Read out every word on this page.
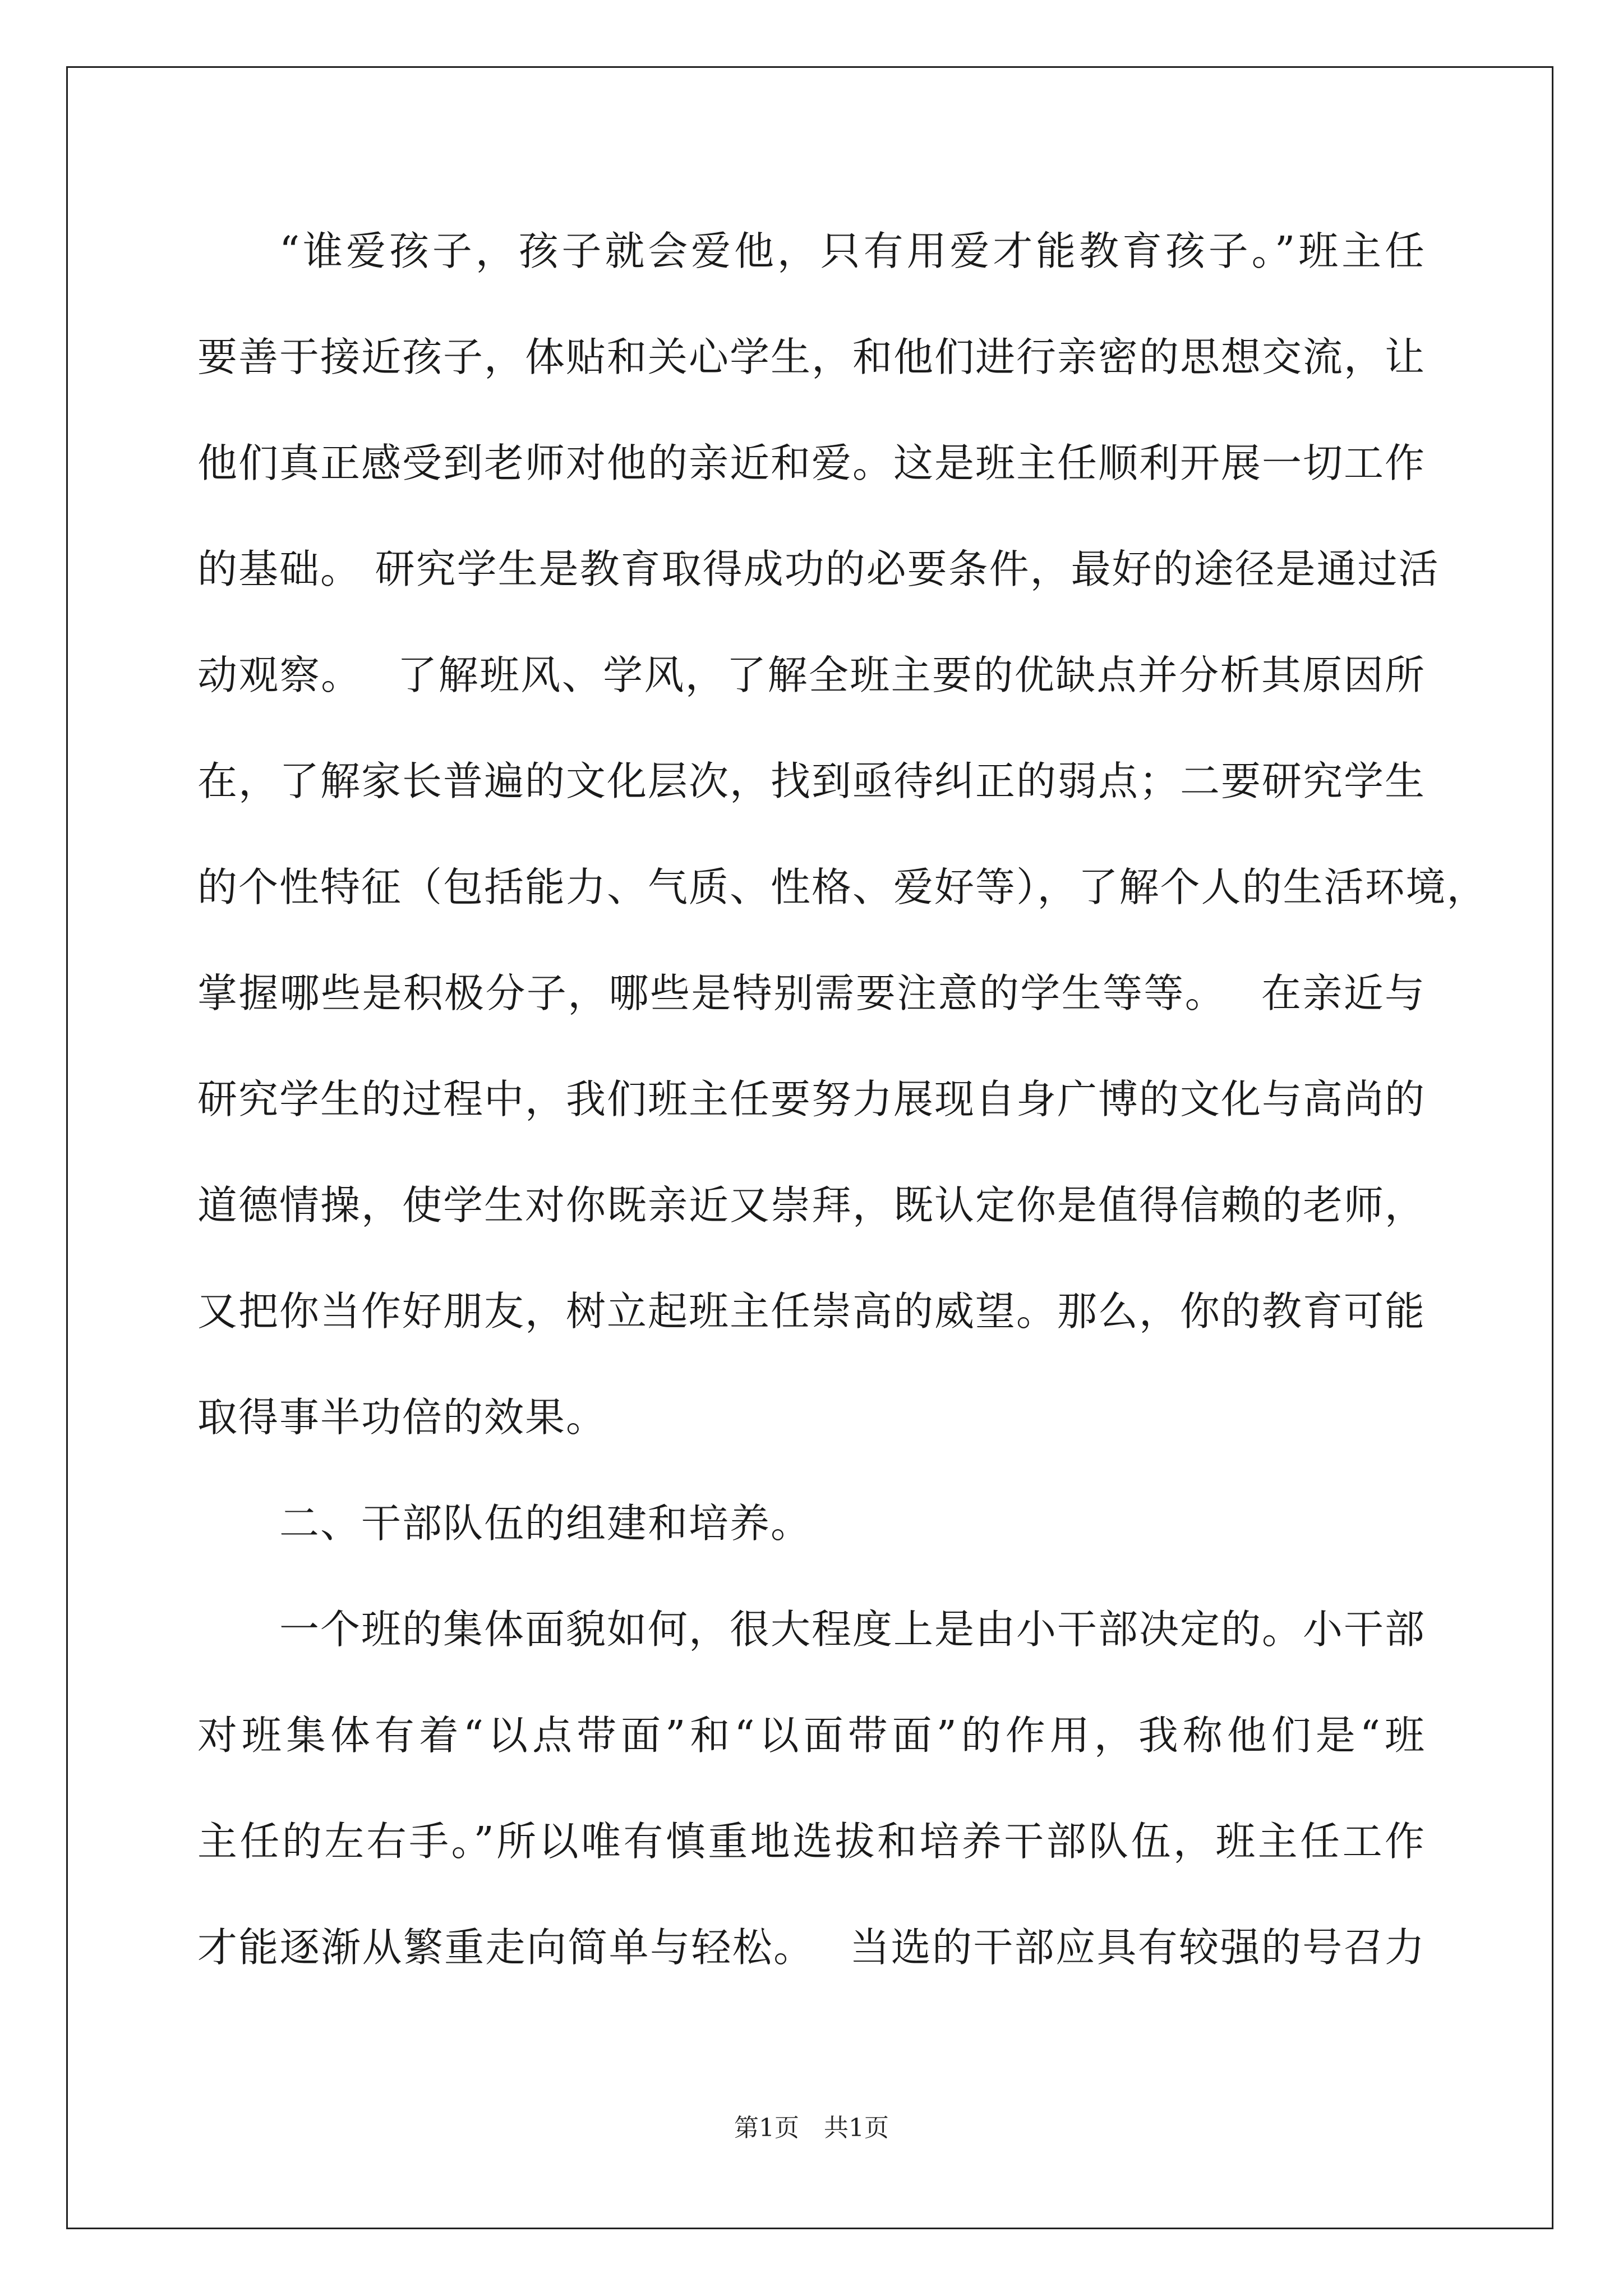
“谁爱孩子，孩子就会爱他，只有用爱才能教育孩子。”班主任
要善于接近孩子，体贴和关心学生，和他们进行亲密的思想交流，让
他们真正感受到老师对他的亲近和爱。这是班主任顺利开展一切工作
的基础。 研究学生是教育取得成功的必要条件，最好的途径是通过活
动观察。　 了解班风、学风，了解全班主要的优缺点并分析其原因所
在，了解家长普遍的文化层次，找到亟待纠正的弱点；二要研究学生
的个性特征（包括能力、气质、性格、爱好等），了解个人的生活环境，
掌握哪些是积极分子，哪些是特别需要注意的学生等等。　 在亲近与
研究学生的过程中，我们班主任要努力展现自身广博的文化与高尚的
道德情操，使学生对你既亲近又崇拜，既认定你是值得信赖的老师，
又把你当作好朋友，树立起班主任崇高的威望。那么，你的教育可能
取得事半功倍的效果。
二、干部队伍的组建和培养。
一个班的集体面貌如何，很大程度上是由小干部决定的。小干部
对班集体有着“以点带面”和“以面带面”的作用，我称他们是“班
主任的左右手。”所以唯有慎重地选拔和培养干部队伍，班主任工作
才能逐渐从繁重走向简单与轻松。　 当选的干部应具有较强的号召力
第1页　共1页
